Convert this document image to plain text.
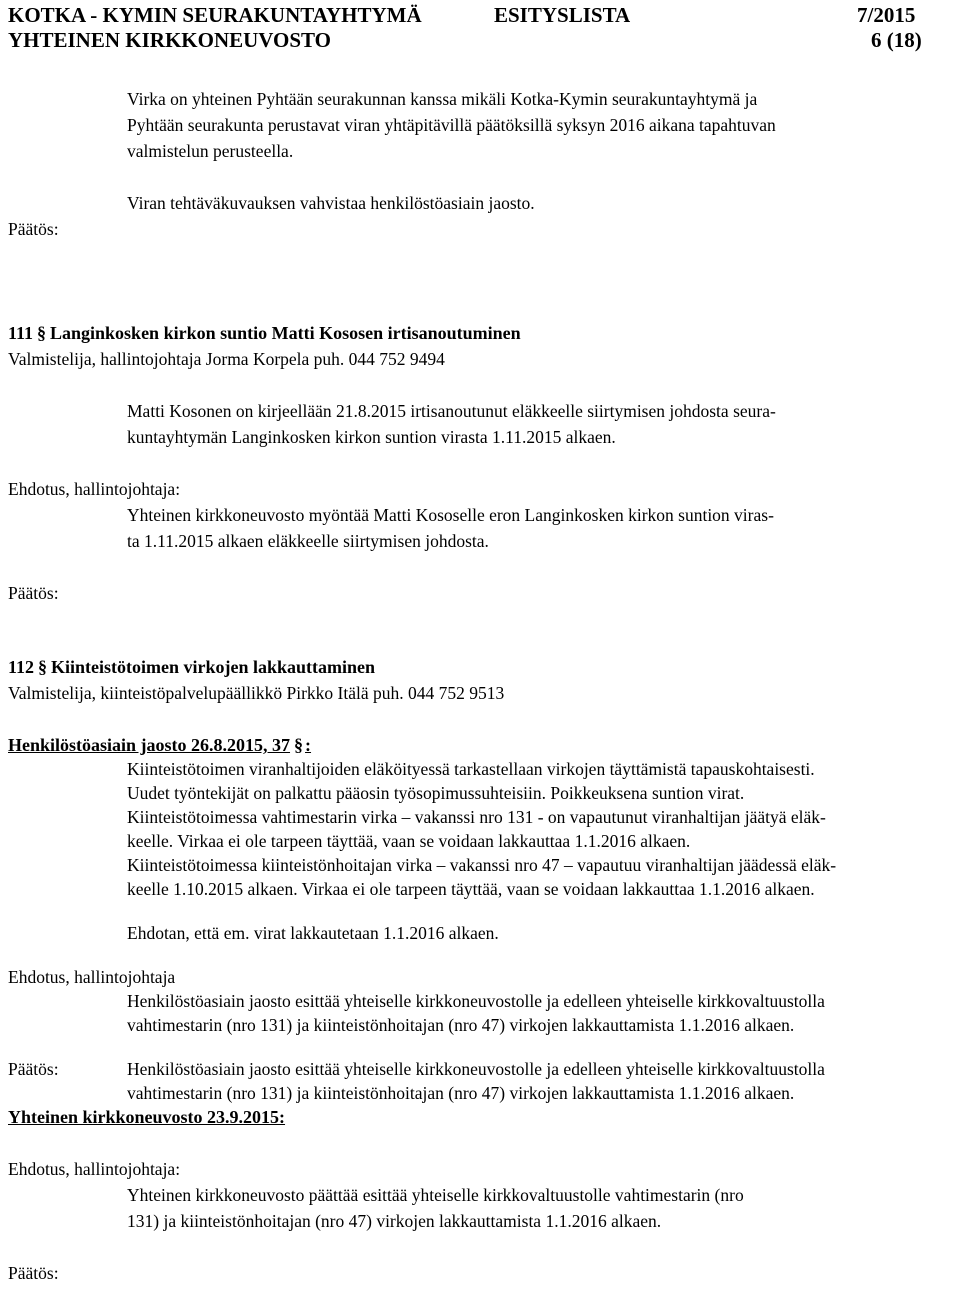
KOTKA - KYMIN SEURAKUNTAYHTYMÄ	ESITYSLISTA	7/2015
YHTEINEN KIRKKONEUVOSTO	6 (18)
Virka on yhteinen Pyhtään seurakunnan kanssa mikäli Kotka-Kymin seurakuntayhtymä ja
Pyhtään seurakunta perustavat viran yhtäpitävillä päätöksillä syksyn 2016 aikana tapahtuvan
valmistelun perusteella.
Viran tehtäväkuvauksen vahvistaa henkilöstöasiain jaosto.
Päätös:
111 § Langinkosken kirkon suntio Matti Kososen irtisanoutuminen
Valmistelija, hallintojohtaja Jorma Korpela puh. 044 752 9494
Matti Kosonen on kirjeellään 21.8.2015 irtisanoutunut eläkkeelle siirtymisen johdosta seura-
kuntayhtymän Langinkosken kirkon suntion virasta 1.11.2015 alkaen.
Ehdotus, hallintojohtaja:
Yhteinen kirkkoneuvosto myöntää Matti Kososelle eron Langinkosken kirkon suntion viras-
ta 1.11.2015 alkaen eläkkeelle siirtymisen johdosta.
Päätös:
112 § Kiinteistötoimen virkojen lakkauttaminen
Valmistelija, kiinteistöpalvelupäällikkö Pirkko Itälä puh. 044 752 9513
Henkilöstöasiain jaosto 26.8.2015, 37 § :
Kiinteistötoimen viranhaltijoiden eläköityessä tarkastellaan virkojen täyttämistä tapauskohtaisesti.
Uudet työntekijät on palkattu pääosin työsopimussuhteisiin. Poikkeuksena suntion virat.
Kiinteistötoimessa vahtimestarin virka – vakanssi nro 131 - on vapautunut viranhaltijan jäätyä eläk-
keelle. Virkaa ei ole tarpeen täyttää, vaan se voidaan lakkauttaa 1.1.2016 alkaen.
Kiinteistötoimessa kiinteistönhoitajan virka – vakanssi nro 47 – vapautuu viranhaltijan jäädessä eläk-
keelle 1.10.2015 alkaen. Virkaa ei ole tarpeen täyttää, vaan se voidaan lakkauttaa 1.1.2016 alkaen.
Ehdotan, että em. virat lakkautetaan 1.1.2016 alkaen.
Ehdotus, hallintojohtaja
Henkilöstöasiain jaosto esittää yhteiselle kirkkoneuvostolle ja edelleen yhteiselle kirkkovaltuustolla
vahtimestarin (nro 131) ja kiinteistönhoitajan (nro 47) virkojen lakkauttamista 1.1.2016 alkaen.
Päätös:	Henkilöstöasiain jaosto esittää yhteiselle kirkkoneuvostolle ja edelleen yhteiselle kirkkovaltuustolla
vahtimestarin (nro 131) ja kiinteistönhoitajan (nro 47) virkojen lakkauttamista 1.1.2016 alkaen.
Yhteinen kirkkoneuvosto 23.9.2015:
Ehdotus, hallintojohtaja:
Yhteinen kirkkoneuvosto päättää esittää yhteiselle kirkkovaltuustolle vahtimestarin (nro
131) ja kiinteistönhoitajan (nro 47) virkojen lakkauttamista 1.1.2016 alkaen.
Päätös:
